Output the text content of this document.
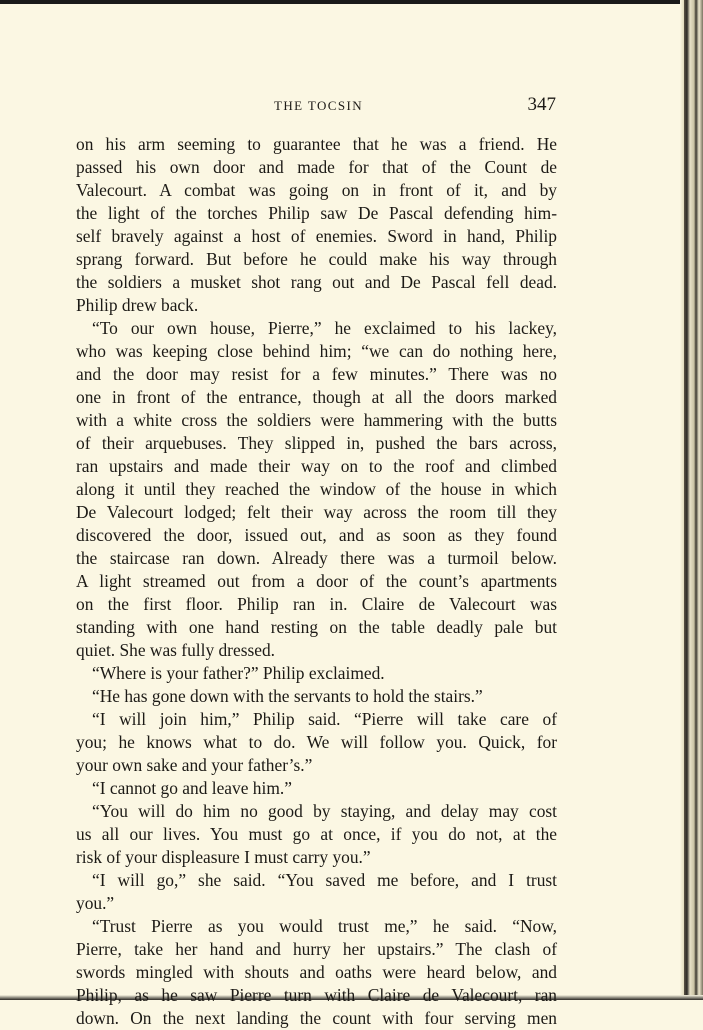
THE TOCSIN	347
on his arm seeming to guarantee that he was a friend. He
passed his own door and made for that of the Count de
Valecourt. A combat was going on in front of it, and by
the light of the torches Philip saw De Pascal defending him-
self bravely against a host of enemies. Sword in hand, Philip
sprang forward. But before he could make his way through
the soldiers a musket shot rang out and De Pascal fell dead.
Philip drew back.
“To our own house, Pierre,” he exclaimed to his lackey,
who was keeping close behind him; “we can do nothing here,
and the door may resist for a few minutes.” There was no
one in front of the entrance, though at all the doors marked
with a white cross the soldiers were hammering with the butts
of their arquebuses. They slipped in, pushed the bars across,
ran upstairs and made their way on to the roof and climbed
along it until they reached the window of the house in which
De Valecourt lodged; felt their way across the room till they
discovered the door, issued out, and as soon as they found
the staircase ran down. Already there was a turmoil below.
A light streamed out from a door of the count’s apartments
on the first floor. Philip ran in. Claire de Valecourt was
standing with one hand resting on the table deadly pale but
quiet. She was fully dressed.
“Where is your father?” Philip exclaimed.
“He has gone down with the servants to hold the stairs.”
“I will join him,” Philip said. “Pierre will take care of
you; he knows what to do. We will follow you. Quick, for
your own sake and your father’s.”
“I cannot go and leave him.”
“You will do him no good by staying, and delay may cost
us all our lives. You must go at once, if you do not, at the
risk of your displeasure I must carry you.”
“I will go,” she said. “You saved me before, and I trust
you.”
“Trust Pierre as you would trust me,” he said. “Now,
Pierre, take her hand and hurry her upstairs.” The clash of
swords mingled with shouts and oaths were heard below, and
Philip, as he saw Pierre turn with Claire de Valecourt, ran
down. On the next landing the count with four serving men
